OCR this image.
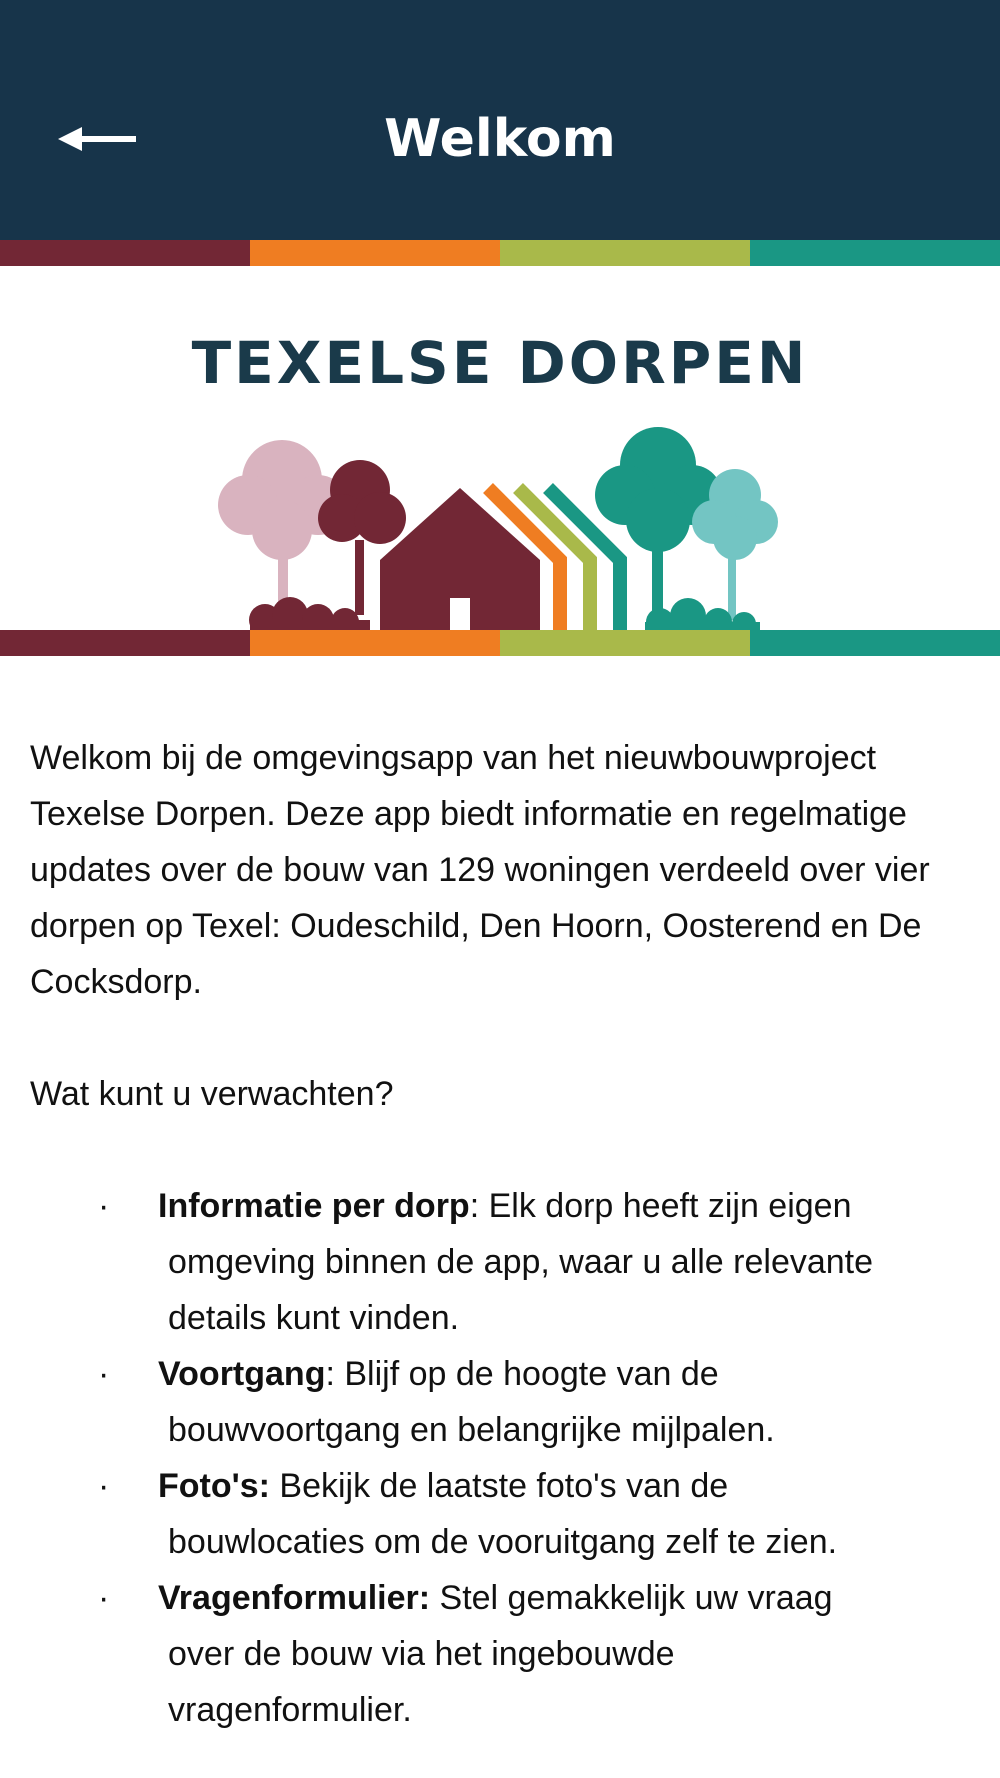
Welkom
TEXELSE DORPEN

Welkom bij de omgevingsapp van het nieuwbouwproject Texelse Dorpen. Deze app biedt informatie en regelmatige updates over de bouw van 129 woningen verdeeld over vier dorpen op Texel: Oudeschild, Den Hoorn, Oosterend en De Cocksdorp.

Wat kunt u verwachten?

· Informatie per dorp: Elk dorp heeft zijn eigen
omgeving binnen de app, waar u alle relevante
details kunt vinden.
· Voortgang: Blijf op de hoogte van de
bouwvoortgang en belangrijke mijlpalen.
· Foto's: Bekijk de laatste foto's van de
bouwlocaties om de vooruitgang zelf te zien.
· Vragenformulier: Stel gemakkelijk uw vraag
over de bouw via het ingebouwde
vragenformulier.
